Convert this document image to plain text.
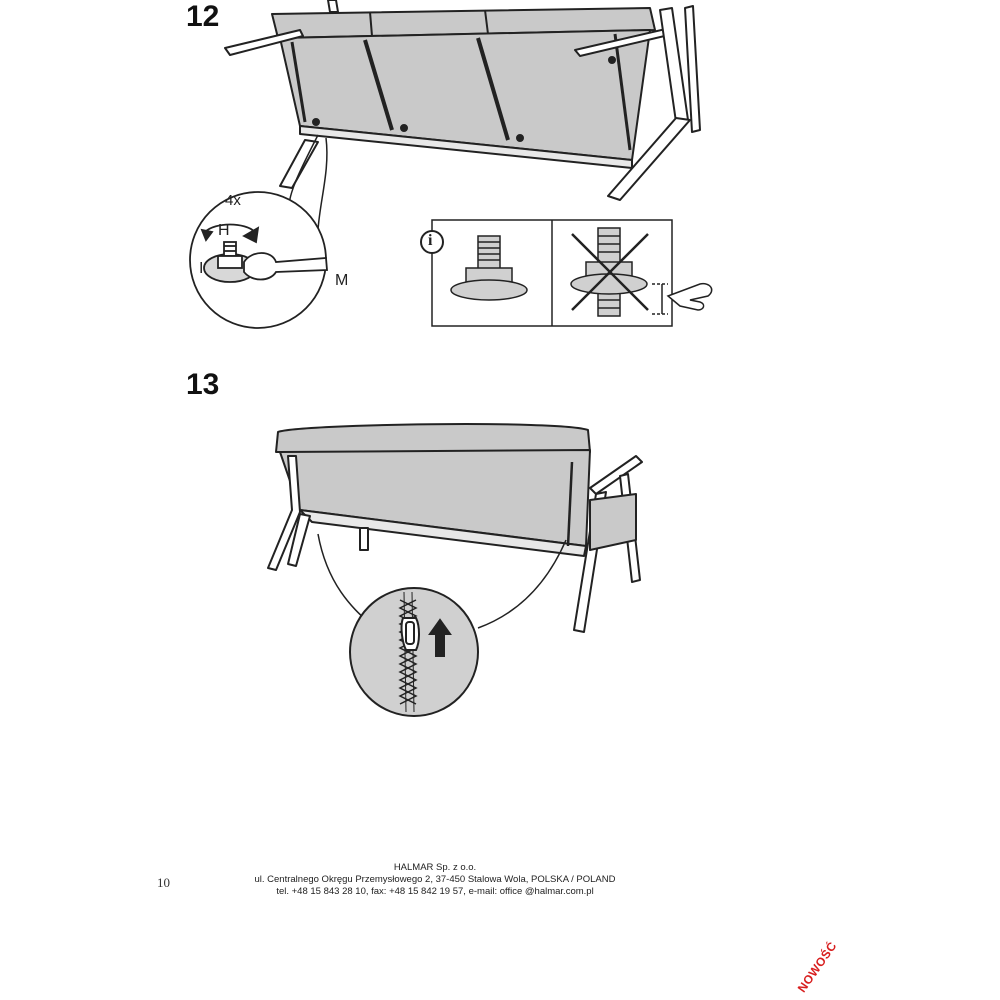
12
13
4x
H
I
M
i
10
HALMAR Sp. z o.o.
ul. Centralnego Okręgu Przemysłowego 2, 37-450 Stalowa Wola, POLSKA / POLAND
tel. +48 15 843 28 10, fax: +48 15 842 19 57, e-mail: office @halmar.com.pl
NOWOŚĆ
